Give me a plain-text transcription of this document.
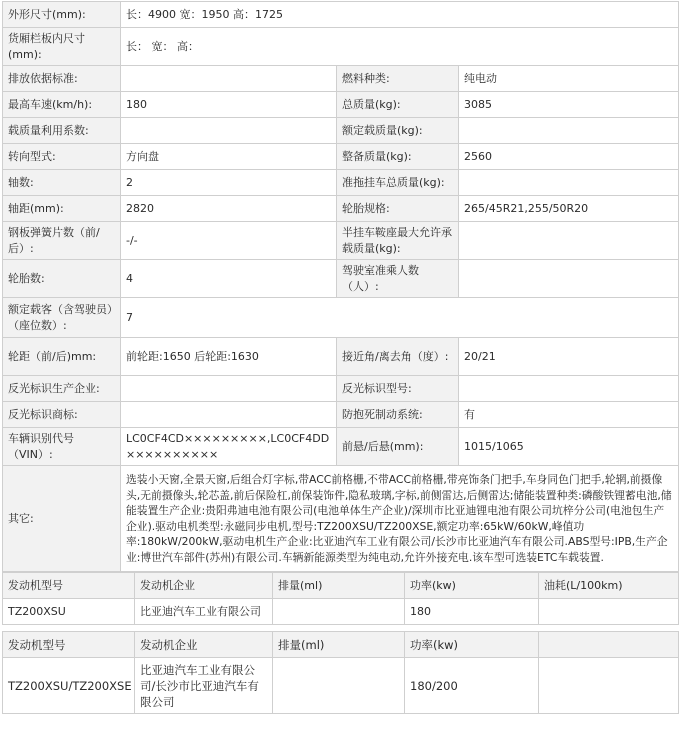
外形尺寸(mm):	长：4900 宽：1950 高：1725		
货厢栏板内尺寸(mm):	长： 宽： 高：		
排放依据标准:		燃料种类:	纯电动
最高车速(km/h):	180	总质量(kg):	3085
载质量利用系数:		额定载质量(kg):	
转向型式:	方向盘	整备质量(kg):	2560
轴数:	2	准拖挂车总质量(kg):	
轴距(mm):	2820	轮胎规格:	265/45R21,255/50R20
钢板弹簧片数（前/后）:	-/-	半挂车鞍座最大允许承载质量(kg):	
轮胎数:	4	驾驶室准乘人数（人）:	
额定载客（含驾驶员）（座位数）:	7		
轮距（前/后)mm:	前轮距:1650 后轮距:1630	接近角/离去角（度）:	20/21
反光标识生产企业:		反光标识型号:	
反光标识商标:		防抱死制动系统:	有
车辆识别代号（VIN）:	LC0CF4CD×××××××××,LC0CF4DD××××××××××	前悬/后悬(mm):	1015/1065
其它:	选装小天窗,全景天窗,后组合灯字标,带ACC前格栅,不带ACC前格栅,带亮饰条门把手,车身同色门把手,轮辋,前摄像头,无前摄像头,轮芯盖,前后保险杠,前保装饰件,隐私玻璃,字标,前侧雷达,后侧雷达;储能装置种类:磷酸铁锂蓄电池,储能装置生产企业:贵阳弗迪电池有限公司(电池单体生产企业)/深圳市比亚迪锂电池有限公司坑梓分公司(电池包生产企业).驱动电机类型:永磁同步电机,型号:TZ200XSU/TZ200XSE,额定功率:65kW/60kW,峰值功率:180kW/200kW,驱动电机生产企业:比亚迪汽车工业有限公司/长沙市比亚迪汽车有限公司.ABS型号:IPB,生产企业:博世汽车部件(苏州)有限公司.车辆新能源类型为纯电动,允许外接充电.该车型可选装ETC车载装置.		
发动机型号	发动机企业	排量(ml)	功率(kw)	油耗(L/100km)
TZ200XSU	比亚迪汽车工业有限公司		180	
发动机型号	发动机企业	排量(ml)	功率(kw)	
TZ200XSU/TZ200XSE	比亚迪汽车工业有限公司/长沙市比亚迪汽车有限公司		180/200	
